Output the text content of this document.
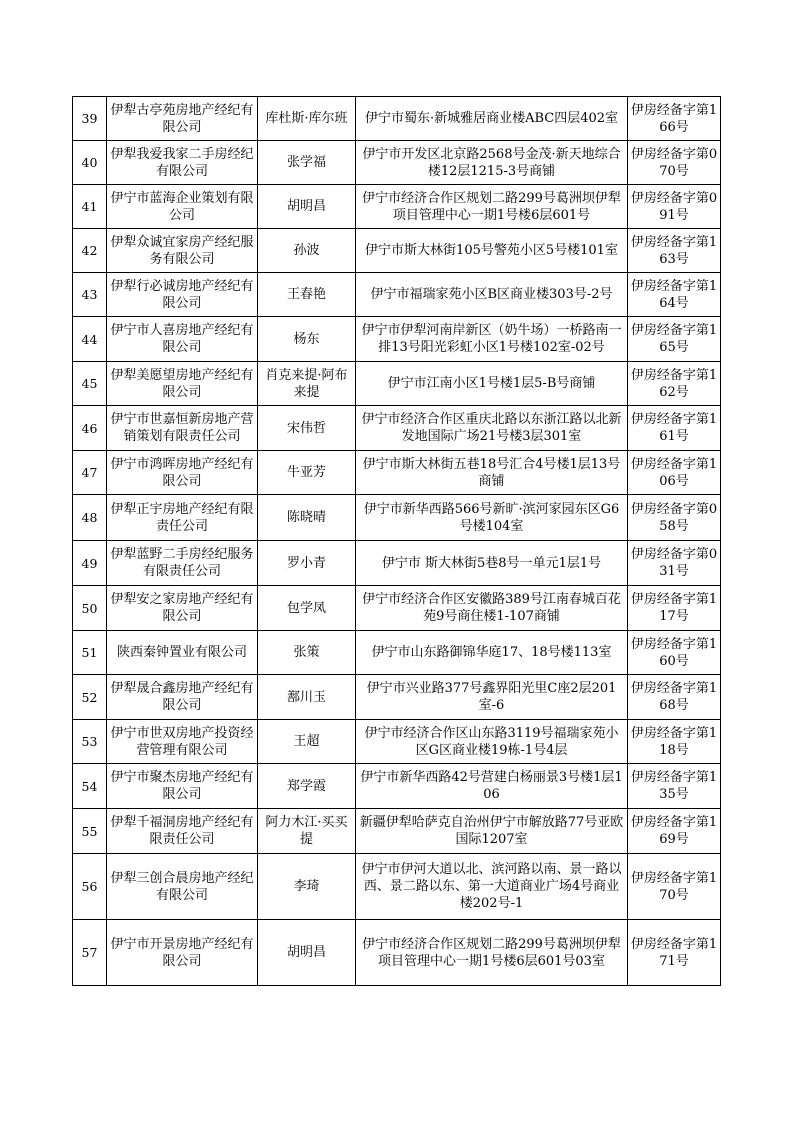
39	伊犁古亭苑房地产经纪有限公司	库杜斯·库尔班	伊宁市蜀东·新城雅居商业楼ABC四层402室	伊房经备字第166号

40	伊犁我爱我家二手房经纪有限公司	张学福	伊宁市开发区北京路2568号金茂·新天地综合楼12层1215-3号商铺	伊房经备字第070号

41	伊宁市蓝海企业策划有限公司	胡明昌	伊宁市经济合作区规划二路299号葛洲坝伊犁项目管理中心一期1号楼6层601号	伊房经备字第091号

42	伊犁众诚宜家房产经纪服务有限公司	孙波	伊宁市斯大林街105号警苑小区5号楼101室	伊房经备字第163号

43	伊犁行必诚房地产经纪有限公司	王春艳	伊宁市福瑞家苑小区B区商业楼303号-2号	伊房经备字第164号

44	伊宁市人喜房地产经纪有限公司	杨东	伊宁市伊犁河南岸新区（奶牛场）一桥路南一排13号阳光彩虹小区1号楼102室-02号	伊房经备字第165号

45	伊犁美愿望房地产经纪有限公司	肖克来提·阿布来提	伊宁市江南小区1号楼1层5-B号商铺	伊房经备字第162号

46	伊宁市世嘉恒新房地产营销策划有限责任公司	宋伟哲	伊宁市经济合作区重庆北路以东浙江路以北新发地国际广场21号楼3层301室	伊房经备字第161号

47	伊宁市鸿晖房地产经纪有限公司	牛亚芳	伊宁市斯大林街五巷18号汇合4号楼1层13号商铺	伊房经备字第106号

48	伊犁正宇房地产经纪有限责任公司	陈晓晴	伊宁市新华西路566号新旷·滨河家园东区G6号楼104室	伊房经备字第058号

49	伊犁蓝野二手房经纪服务有限责任公司	罗小青	伊宁市 斯大林街5巷8号一单元1层1号	伊房经备字第031号

50	伊犁安之家房地产经纪有限公司	包学凤	伊宁市经济合作区安徽路389号江南春城百花苑9号商住楼1-107商铺	伊房经备字第117号

51	陕西秦钟置业有限公司	张策	伊宁市山东路御锦华庭17、18号楼113室	伊房经备字第160号

52	伊犁晟合鑫房地产经纪有限公司	鄯川玉	伊宁市兴业路377号鑫界阳光里C座2层201室-6	伊房经备字第168号

53	伊宁市世双房地产投资经营管理有限公司	王超	伊宁市经济合作区山东路3119号福瑞家苑小区G区商业楼19栋-1号4层	伊房经备字第118号

54	伊宁市聚杰房地产经纪有限公司	郑学霞	伊宁市新华西路42号营建白杨丽景3号楼1层106	伊房经备字第135号

55	伊犁千福洞房地产经纪有限责任公司	阿力木江·买买提	新疆伊犁哈萨克自治州伊宁市解放路77号亚欧国际1207室	伊房经备字第169号

56	伊犁三创合晨房地产经纪有限公司	李琦	伊宁市伊河大道以北、滨河路以南、景一路以西、景二路以东、第一大道商业广场4号商业楼202号-1	伊房经备字第170号

57	伊宁市开景房地产经纪有限公司	胡明昌	伊宁市经济合作区规划二路299号葛洲坝伊犁项目管理中心一期1号楼6层601号03室	伊房经备字第171号
